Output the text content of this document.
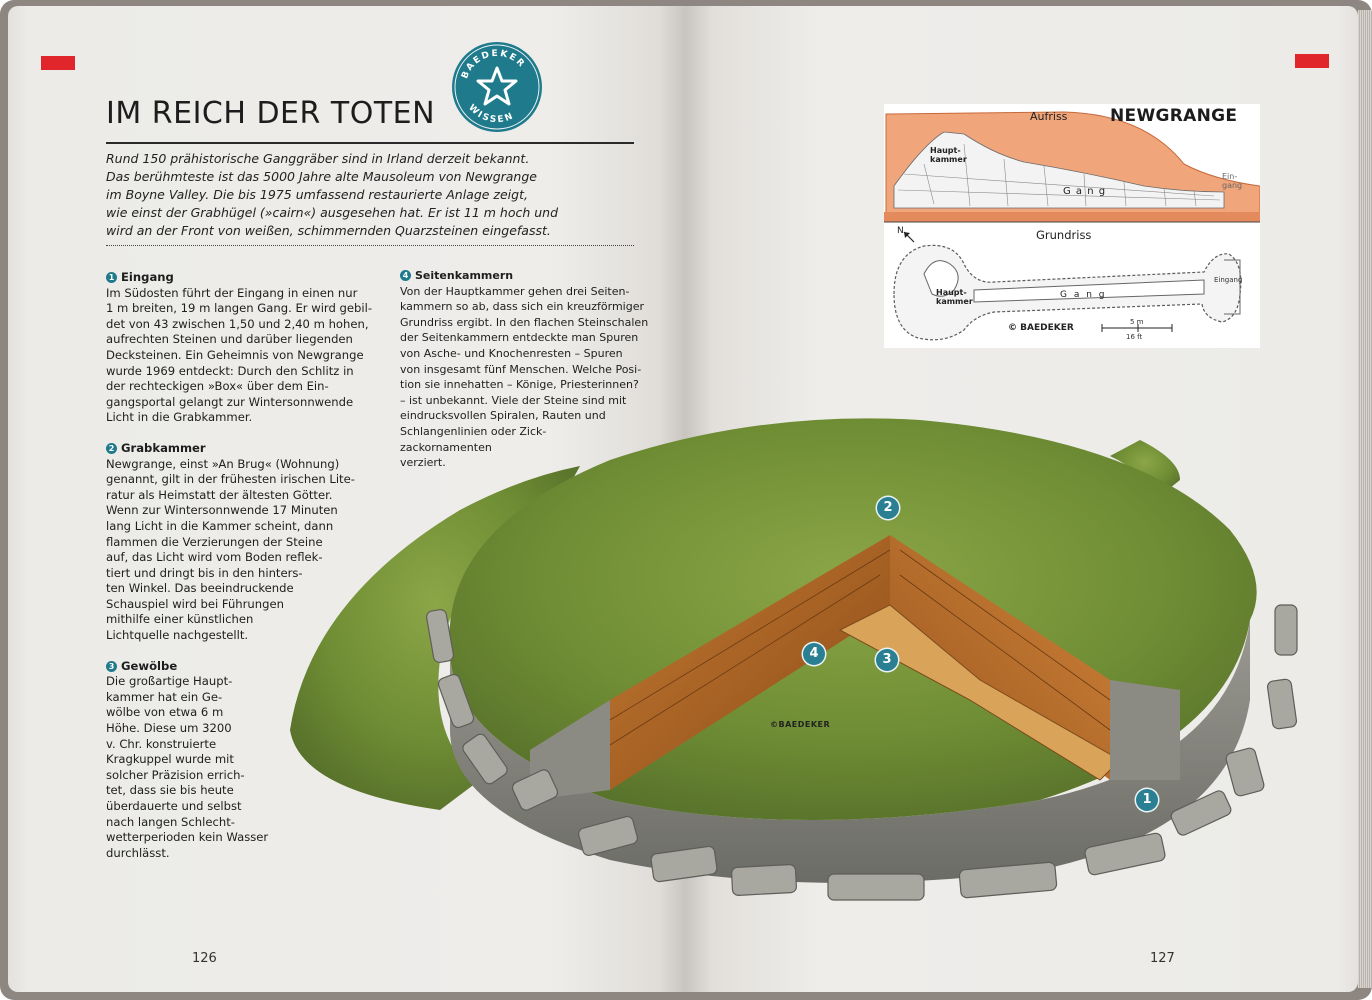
IM REICH DER TOTEN
BAEDEKER
WISSEN

Rund 150 prähistorische Ganggräber sind in Irland derzeit bekannt.
Das berühmteste ist das 5000 Jahre alte Mausoleum von Newgrange
im Boyne Valley. Die bis 1975 umfassend restaurierte Anlage zeigt,
wie einst der Grabhügel (»cairn«) ausgesehen hat. Er ist 11 m hoch und
wird an der Front von weißen, schimmernden Quarzsteinen eingefasst.

1 Eingang

Im Südosten führt der Eingang in einen nur
1 m breiten, 19 m langen Gang. Er wird gebil-
det von 43 zwischen 1,50 und 2,40 m hohen,
aufrechten Steinen und darüber liegenden
Decksteinen. Ein Geheimnis von Newgrange
wurde 1969 entdeckt: Durch den Schlitz in
der rechteckigen »Box« über dem Ein-
gangsportal gelangt zur Wintersonnwende
Licht in die Grabkammer.

2 Grabkammer

Newgrange, einst »An Brug« (Wohnung)
genannt, gilt in der frühesten irischen Lite-
ratur als Heimstatt der ältesten Götter.
Wenn zur Wintersonnwende 17 Minuten
lang Licht in die Kammer scheint, dann
flammen die Verzierungen der Steine
auf, das Licht wird vom Boden reflek-
tiert und dringt bis in den hinters-
ten Winkel. Das beeindruckende
Schauspiel wird bei Führungen
mithilfe einer künstlichen
Lichtquelle nachgestellt.

3 Gewölbe

Die großartige Haupt-
kammer hat ein Ge-
wölbe von etwa 6 m
Höhe. Diese um 3200
v. Chr. konstruierte
Kragkuppel wurde mit
solcher Präzision errich-
tet, dass sie bis heute
überdauerte und selbst
nach langen Schlecht-
wetterperioden kein Wasser
durchlässt.

4 Seitenkammern

Von der Hauptkammer gehen drei Seiten-
kammern so ab, dass sich ein kreuzförmiger
Grundriss ergibt. In den flachen Steinschalen
der Seitenkammern entdeckte man Spuren
von Asche- und Knochenresten – Spuren
von insgesamt fünf Menschen. Welche Posi-
tion sie innehatten – Könige, Priesterinnen?
– ist unbekannt. Viele der Steine sind mit
eindrucksvollen Spiralen, Rauten und
Schlangenlinien oder Zick-
zackornamenten
verziert.

126
Aufriss	NEWGRANGE
Haupt-
kammer
G a n g
Ein-
gang
Grundriss
N
Haupt-
kammer
G a n g
Eingang
© BAEDEKER
5 m
16 ft
2
3
4
1
©BAEDEKER
127
